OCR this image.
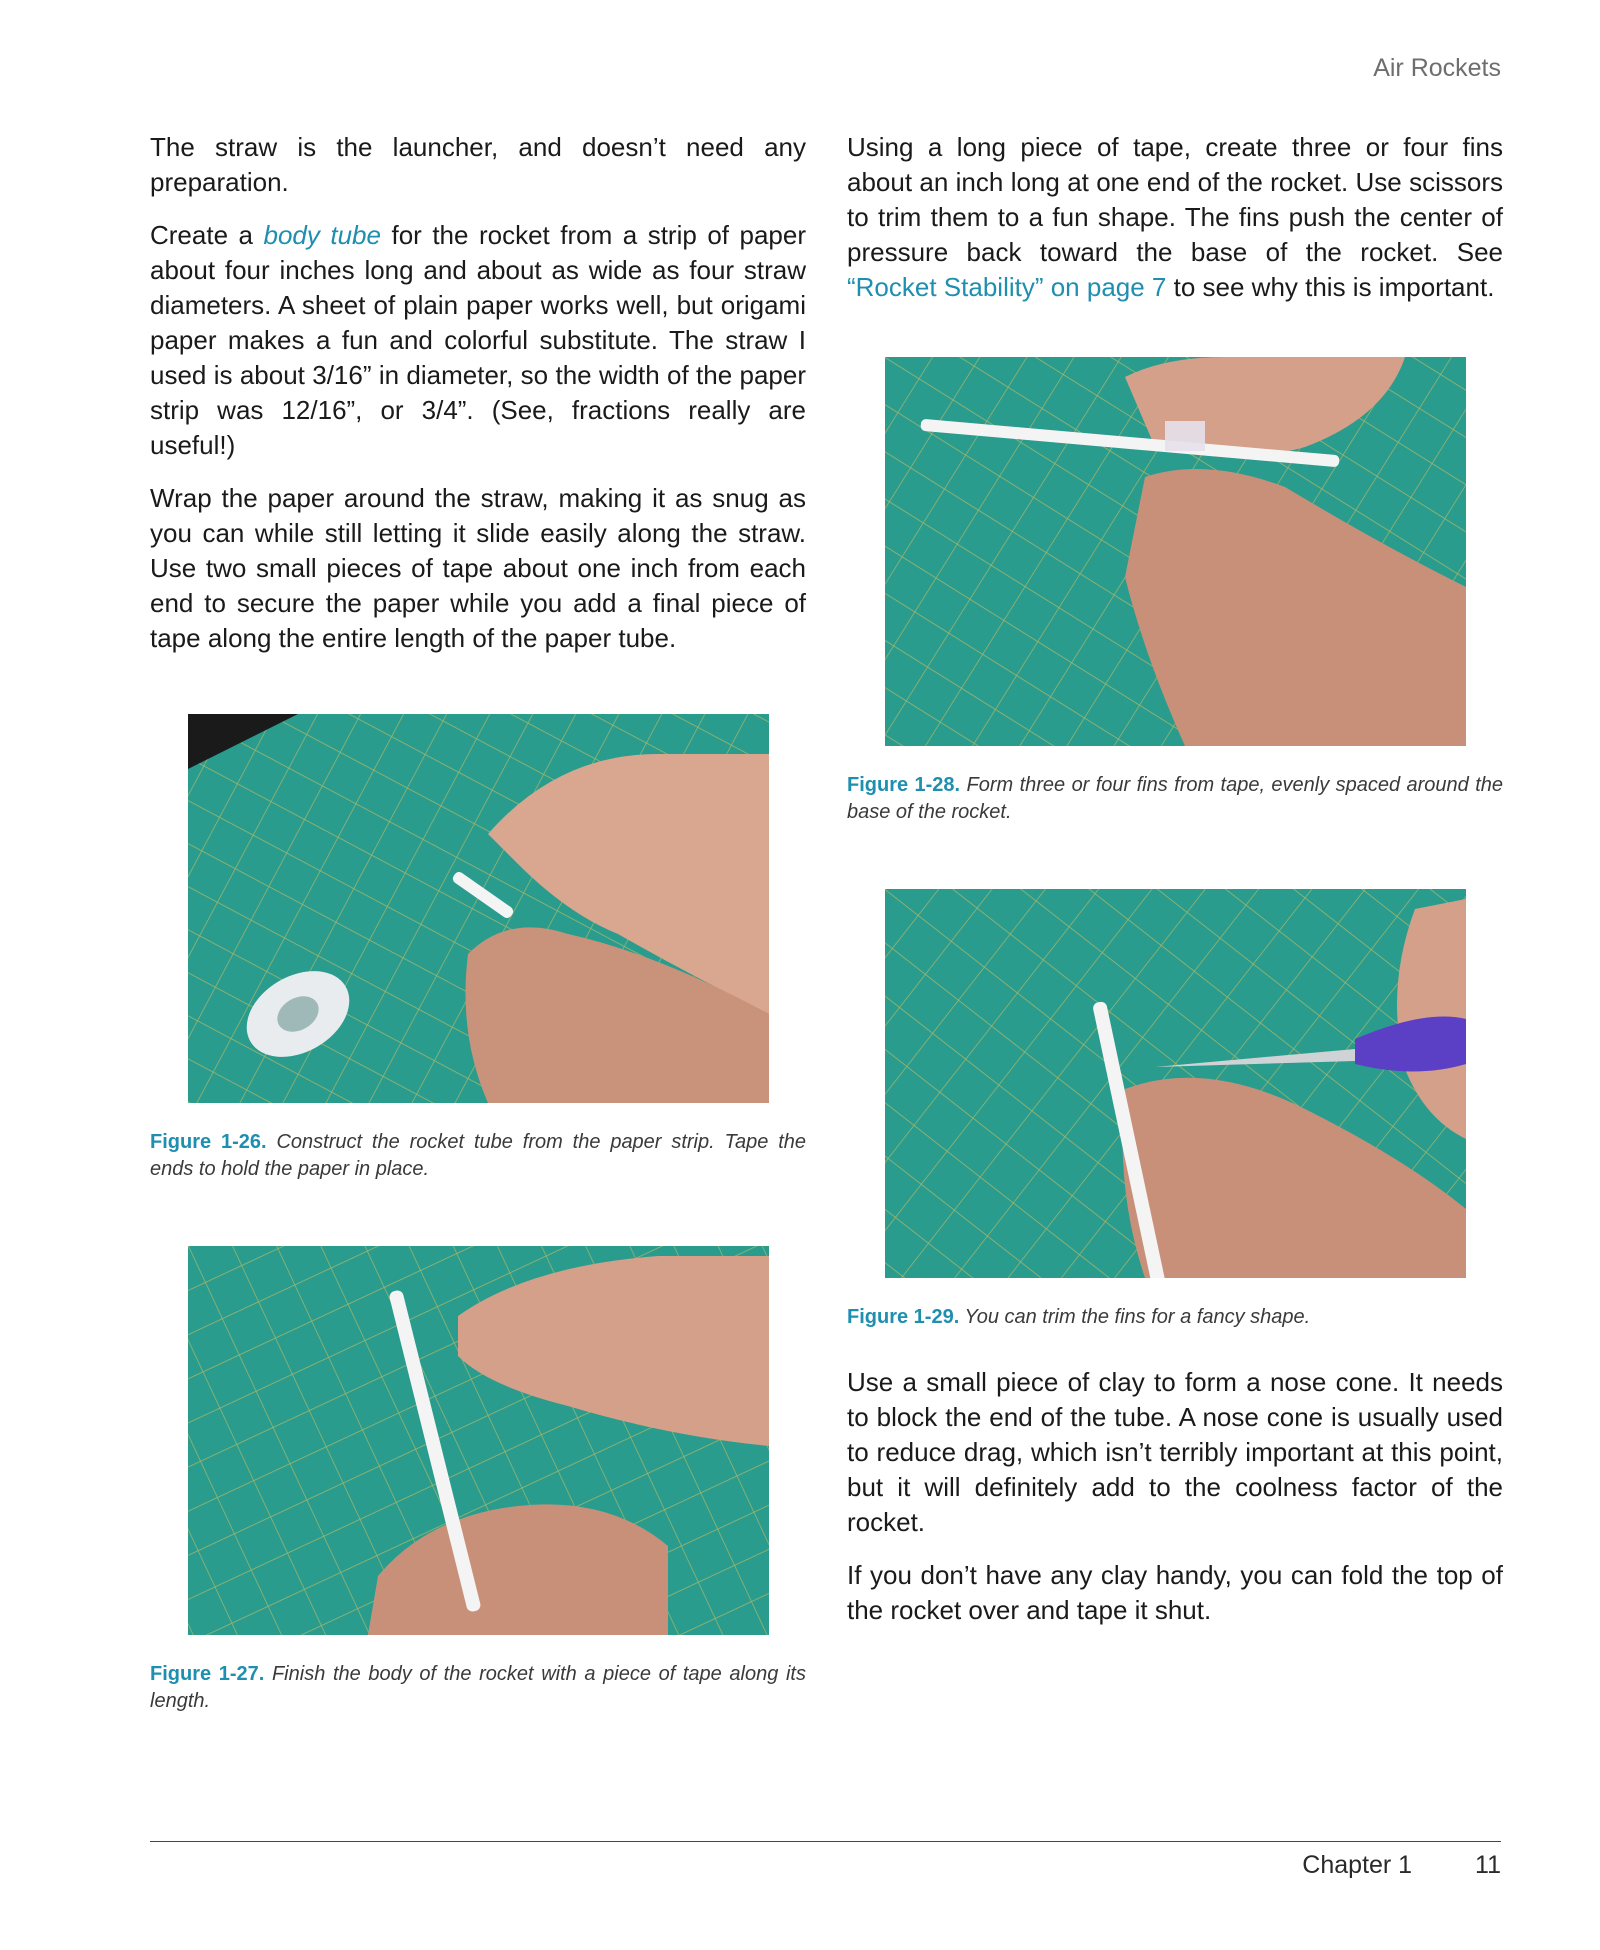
Air Rockets

The straw is the launcher, and doesn’t need any preparation.

Create a body tube for the rocket from a strip of paper about four inches long and about as wide as four straw diameters. A sheet of plain paper works well, but origami paper makes a fun and colorful substitute. The straw I used is about 3/16” in diameter, so the width of the paper strip was 12/16”, or 3/4”. (See, fractions really are useful!)

Wrap the paper around the straw, making it as snug as you can while still letting it slide easily along the straw. Use two small pieces of tape about one inch from each end to secure the paper while you add a final piece of tape along the entire length of the paper tube.

Figure 1-26. Construct the rocket tube from the paper strip. Tape the ends to hold the paper in place.
Figure 1-27. Finish the body of the rocket with a piece of tape along its length.

Using a long piece of tape, create three or four fins about an inch long at one end of the rocket. Use scissors to trim them to a fun shape. The fins push the center of pressure back toward the base of the rocket. See “Rocket Stability” on page 7 to see why this is important.

Figure 1-28. Form three or four fins from tape, evenly spaced around the base of the rocket.
Figure 1-29. You can trim the fins for a fancy shape.

Use a small piece of clay to form a nose cone. It needs to block the end of the tube. A nose cone is usually used to reduce drag, which isn’t terribly important at this point, but it will definitely add to the coolness factor of the rocket.

If you don’t have any clay handy, you can fold the top of the rocket over and tape it shut.

Chapter 1	11
